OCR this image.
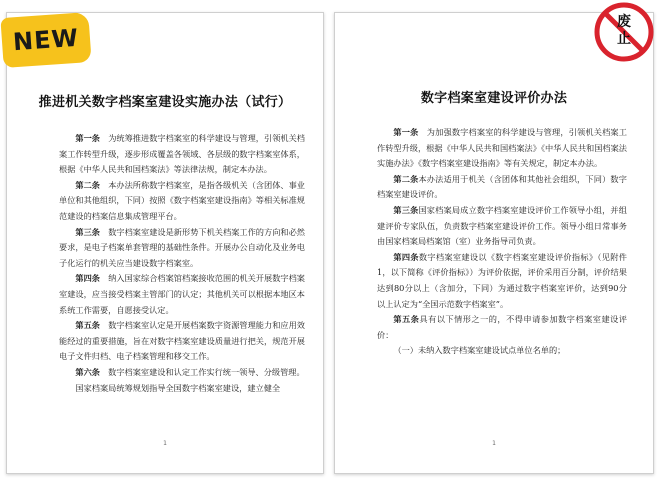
推进机关数字档案室建设实施办法（试行）

第一条  为统筹推进数字档案室的科学建设与管理，引领机关档案工作转型升级，逐步形成覆盖各领域、各层级的数字档案室体系，根据《中华人民共和国档案法》等法律法规，制定本办法。

第二条  本办法所称数字档案室，是指各级机关（含团体、事业单位和其他组织，下同）按照《数字档案室建设指南》等相关标准规范建设的档案信息集成管理平台。

第三条  数字档案室建设是新形势下机关档案工作的方向和必然要求，是电子档案单套管理的基础性条件。开展办公自动化及业务电子化运行的机关应当建设数字档案室。

第四条  纳入国家综合档案馆档案接收范围的机关开展数字档案室建设，应当接受档案主管部门的认定；其他机关可以根据本地区本系统工作需要，自愿接受认定。

第五条  数字档案室认定是开展档案数字资源管理能力和应用效能经过的重要措施，旨在对数字档案室建设质量进行把关，规范开展电子文件归档、电子档案管理和移交工作。

第六条  数字档案室建设和认定工作实行统一领导、分级管理。

国家档案局统筹规划指导全国数字档案室建设，建立健全

1
数字档案室建设评价办法

第一条  为加强数字档案室的科学建设与管理，引领机关档案工作转型升级，根据《中华人民共和国档案法》《中华人民共和国档案法实施办法》《数字档案室建设指南》等有关规定，制定本办法。

第二条本办法适用于机关（含团体和其他社会组织，下同）数字档案室建设评价。

第三条国家档案局成立数字档案室建设评价工作领导小组，并组建评价专家队伍，负责数字档案室建设评价工作。领导小组日常事务由国家档案局档案馆（室）业务指导司负责。

第四条数字档案室建设以《数字档案室建设评价指标》（见附件1，以下简称《评价指标》）为评价依据，评价采用百分制，评价结果达到80分以上（含加分，下同）为通过数字档案室评价，达到90分以上认定为“全国示范数字档案室”。

第五条具有以下情形之一的，不得申请参加数字档案室建设评价：

（一）未纳入数字档案室建设试点单位名单的；

1
NEW
废
止
